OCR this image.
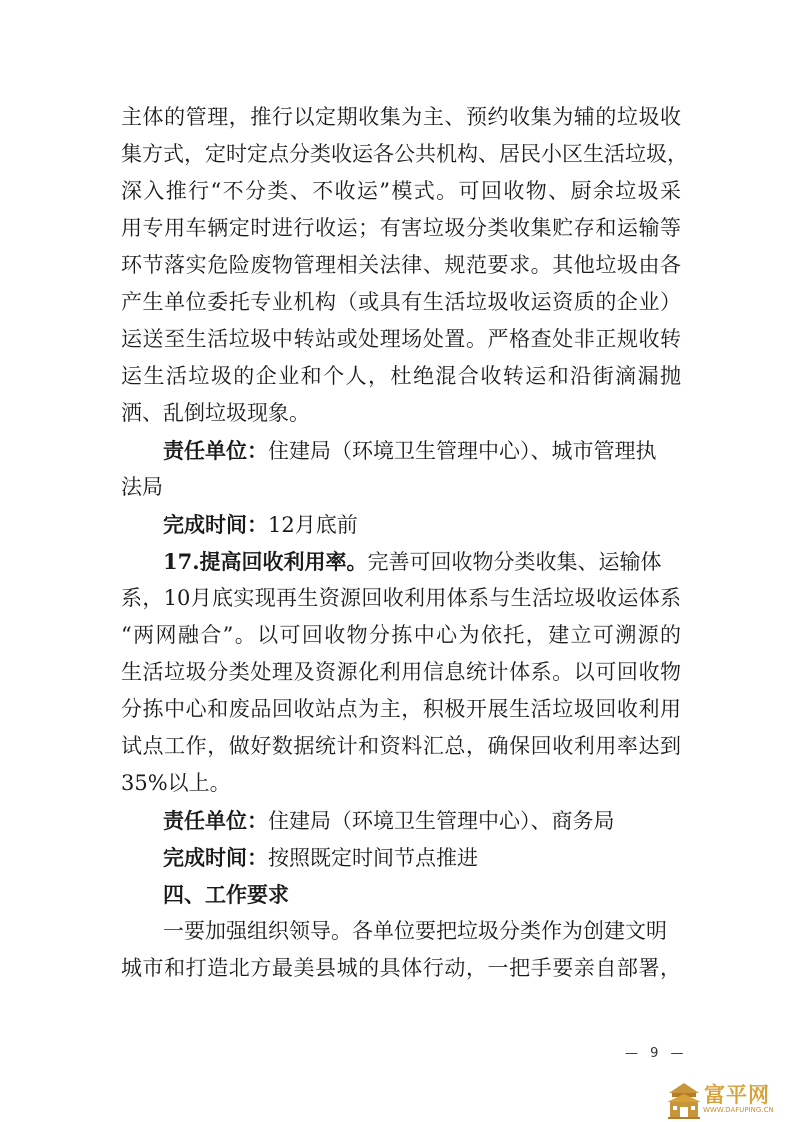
主体的管理，推行以定期收集为主、预约收集为辅的垃圾收
集方式，定时定点分类收运各公共机构、居民小区生活垃圾，
深入推行“不分类、不收运”模式。可回收物、厨余垃圾采
用专用车辆定时进行收运；有害垃圾分类收集贮存和运输等
环节落实危险废物管理相关法律、规范要求。其他垃圾由各
产生单位委托专业机构（或具有生活垃圾收运资质的企业）
运送至生活垃圾中转站或处理场处置。严格查处非正规收转
运生活垃圾的企业和个人，杜绝混合收转运和沿街滴漏抛
洒、乱倒垃圾现象。
责任单位：住建局（环境卫生管理中心）、城市管理执
法局
完成时间：12月底前
17.提高回收利用率。完善可回收物分类收集、运输体
系，10月底实现再生资源回收利用体系与生活垃圾收运体系
“两网融合”。以可回收物分拣中心为依托，建立可溯源的
生活垃圾分类处理及资源化利用信息统计体系。以可回收物
分拣中心和废品回收站点为主，积极开展生活垃圾回收利用
试点工作，做好数据统计和资料汇总，确保回收利用率达到
35%以上。
责任单位：住建局（环境卫生管理中心）、商务局
完成时间：按照既定时间节点推进
四、工作要求
一要加强组织领导。各单位要把垃圾分类作为创建文明
城市和打造北方最美县城的具体行动，一把手要亲自部署，
— 9 —
富平网
WWW.DAFUPING.CN
